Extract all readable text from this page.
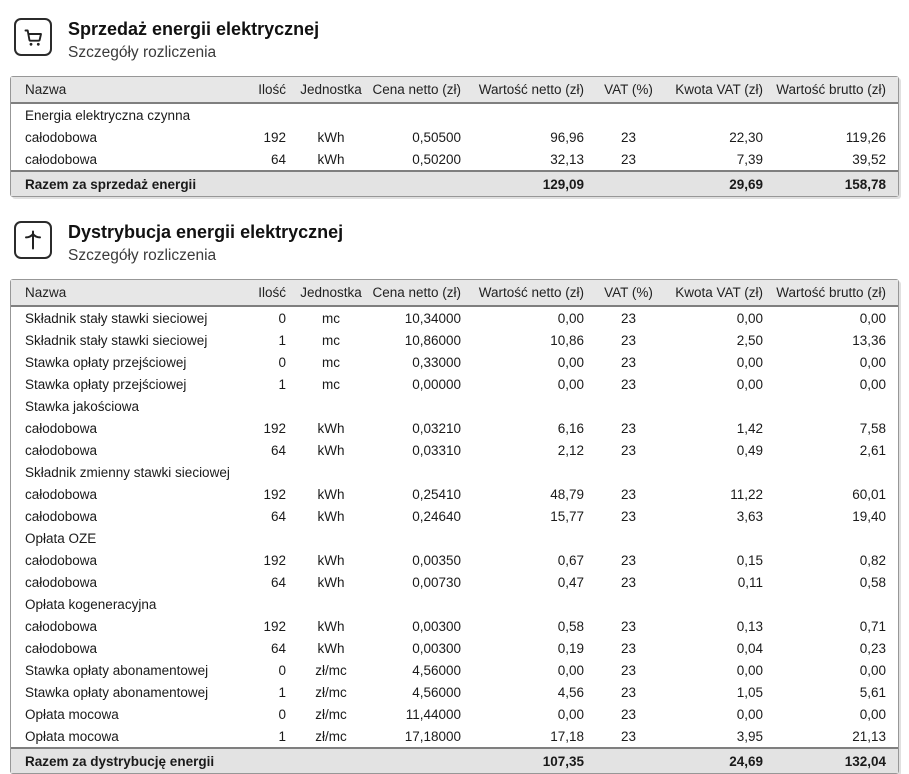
Sprzedaż energii elektrycznej
Szczegóły rozliczenia
Nazwa	Ilość	Jednostka	Cena netto (zł)	Wartość netto (zł)	VAT (%)	Kwota VAT (zł)	Wartość brutto (zł)
Energia elektryczna czynna							
całodobowa	192	kWh	0,50500	96,96	23	22,30	119,26
całodobowa	64	kWh	0,50200	32,13	23	7,39	39,52
Razem za sprzedaż energii				129,09		29,69	158,78
Dystrybucja energii elektrycznej
Szczegóły rozliczenia
Nazwa	Ilość	Jednostka	Cena netto (zł)	Wartość netto (zł)	VAT (%)	Kwota VAT (zł)	Wartość brutto (zł)
Składnik stały stawki sieciowej	0	mc	10,34000	0,00	23	0,00	0,00
Składnik stały stawki sieciowej	1	mc	10,86000	10,86	23	2,50	13,36
Stawka opłaty przejściowej	0	mc	0,33000	0,00	23	0,00	0,00
Stawka opłaty przejściowej	1	mc	0,00000	0,00	23	0,00	0,00
Stawka jakościowa							
całodobowa	192	kWh	0,03210	6,16	23	1,42	7,58
całodobowa	64	kWh	0,03310	2,12	23	0,49	2,61
Składnik zmienny stawki sieciowej							
całodobowa	192	kWh	0,25410	48,79	23	11,22	60,01
całodobowa	64	kWh	0,24640	15,77	23	3,63	19,40
Opłata OZE							
całodobowa	192	kWh	0,00350	0,67	23	0,15	0,82
całodobowa	64	kWh	0,00730	0,47	23	0,11	0,58
Opłata kogeneracyjna							
całodobowa	192	kWh	0,00300	0,58	23	0,13	0,71
całodobowa	64	kWh	0,00300	0,19	23	0,04	0,23
Stawka opłaty abonamentowej	0	zł/mc	4,56000	0,00	23	0,00	0,00
Stawka opłaty abonamentowej	1	zł/mc	4,56000	4,56	23	1,05	5,61
Opłata mocowa	0	zł/mc	11,44000	0,00	23	0,00	0,00
Opłata mocowa	1	zł/mc	17,18000	17,18	23	3,95	21,13
Razem za dystrybucję energii				107,35		24,69	132,04
